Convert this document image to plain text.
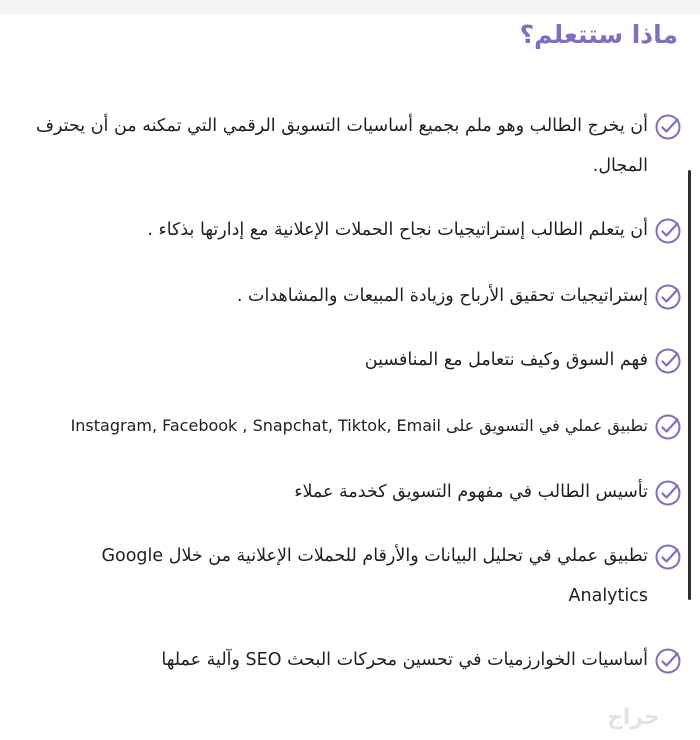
ماذا ستتعلم؟
أن يخرج الطالب وهو ملم بجميع أساسيات التسويق الرقمي التي تمكنه من أن يحترف المجال.
أن يتعلم الطالب إستراتيجيات نجاح الحملات الإعلانية مع إدارتها بذكاء .
إستراتيجيات تحقيق الأرباح وزيادة المبيعات والمشاهدات .
فهم السوق وكيف نتعامل مع المنافسين
تطبيق عملي في التسويق على Instagram, Facebook , Snapchat, Tiktok, Email
تأسيس الطالب في مفهوم التسويق كخدمة عملاء
تطبيق عملي في تحليل البيانات والأرقام للحملات الإعلانية من خلال Google Analytics
أساسيات الخوارزميات في تحسين محركات البحث SEO وآلية عملها
حراج
